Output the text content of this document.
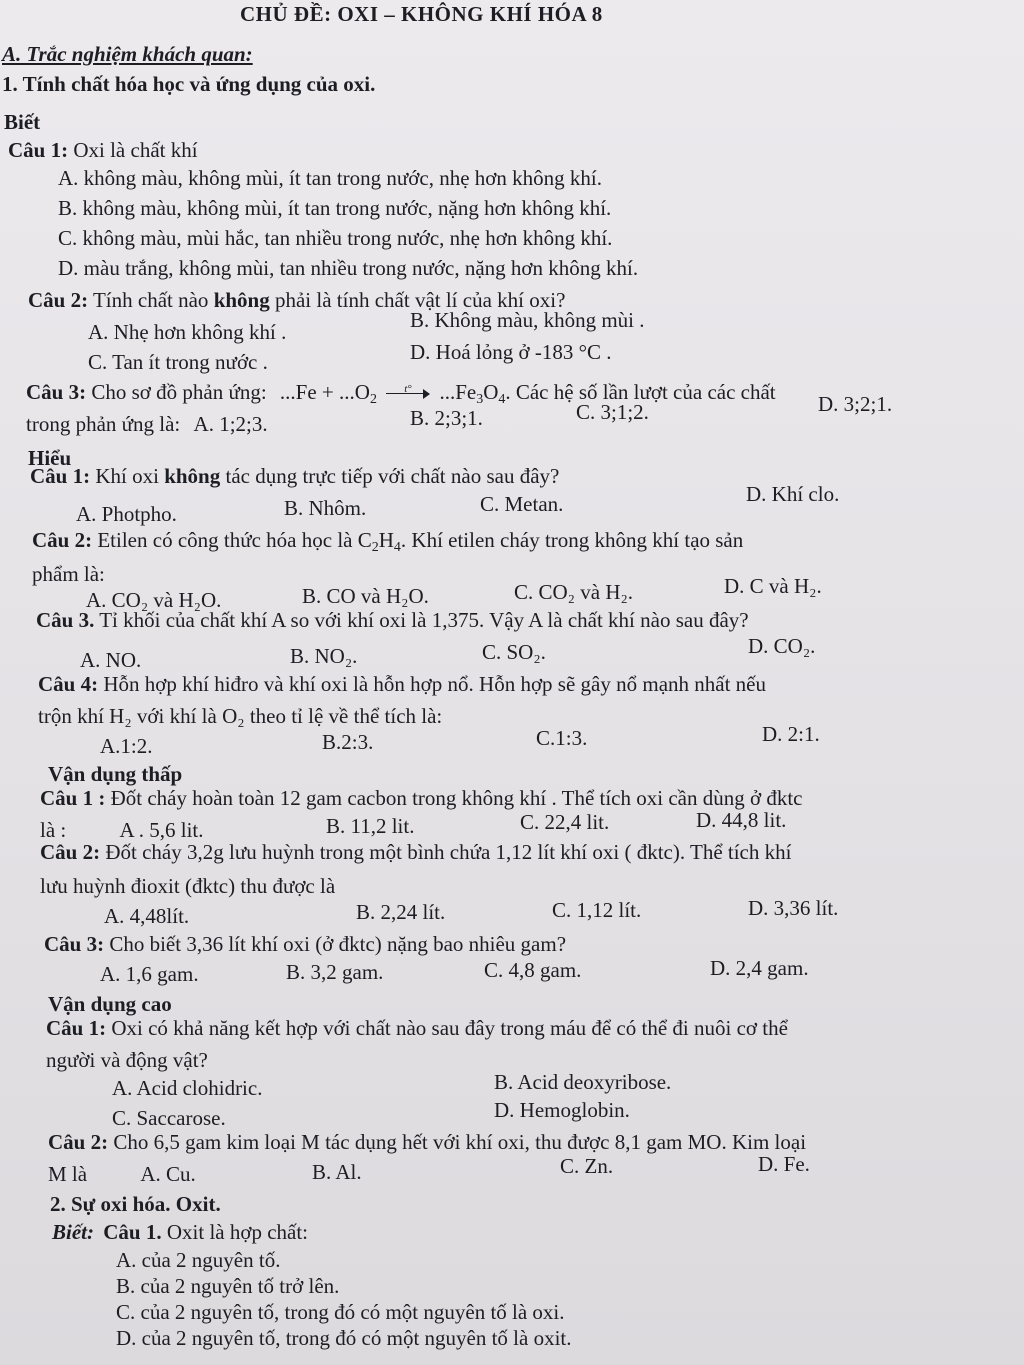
CHỦ ĐỀ: OXI – KHÔNG KHÍ HÓA 8
A. Trắc nghiệm khách quan:
1. Tính chất hóa học và ứng dụng của oxi.
Biết
Câu 1: Oxi là chất khí
A. không màu, không mùi, ít tan trong nước, nhẹ hơn không khí.
B. không màu, không mùi, ít tan trong nước, nặng hơn không khí.
C. không màu, mùi hắc, tan nhiều trong nước, nhẹ hơn không khí.
D. màu trắng, không mùi, tan nhiều trong nước, nặng hơn không khí.
Câu 2: Tính chất nào không phải là tính chất vật lí của khí oxi?
A. Nhẹ hơn không khí .	B. Không màu, không mùi .
C. Tan ít trong nước .	D. Hoá lỏng ở -183 °C .
Câu 3: Cho sơ đồ phản ứng: $...Fe + ...O_2$
t° $...Fe_3O_4$. Các hệ số lần lượt của các chất
trong phản ứng là: A. 1;2;3.	B. 2;3;1.	C. 3;1;2.	D. 3;2;1.
Hiểu
Câu 1: Khí oxi không tác dụng trực tiếp với chất nào sau đây?
A. Photpho.	B. Nhôm.	C. Metan.	D. Khí clo.
Câu 2: Etilen có công thức hóa học là $C_2H_4$. Khí etilen cháy trong không khí tạo sản
phẩm là:
A. CO₂ và H₂O.	B. CO và H₂O.	C. CO₂ và H₂.	D. C và H₂.
Câu 3. Tỉ khối của chất khí A so với khí oxi là 1,375. Vậy A là chất khí nào sau đây?
A. NO.	B. NO₂.	C. SO₂.	D. CO₂.
Câu 4: Hỗn hợp khí hiđro và khí oxi là hỗn hợp nổ. Hỗn hợp sẽ gây nổ mạnh nhất nếu
trộn khí H₂ với khí là O₂ theo tỉ lệ về thể tích là:
A.1:2.	B.2:3.	C.1:3.	D. 2:1.
Vận dụng thấp
Câu 1 : Đốt cháy hoàn toàn 12 gam cacbon trong không khí . Thể tích oxi cần dùng ở đktc
là :	A . 5,6 lit.	B. 11,2 lit.	C. 22,4 lit.	D. 44,8 lit.
Câu 2: Đốt cháy 3,2g lưu huỳnh trong một bình chứa 1,12 lít khí oxi ( đktc). Thể tích khí
lưu huỳnh đioxit (đktc) thu được là
A. 4,48lít.	B. 2,24 lít.	C. 1,12 lít.	D. 3,36 lít.
Câu 3: Cho biết 3,36 lít khí oxi (ở đktc) nặng bao nhiêu gam?
A. 1,6 gam.	B. 3,2 gam.	C. 4,8 gam.	D. 2,4 gam.
Vận dụng cao
Câu 1: Oxi có khả năng kết hợp với chất nào sau đây trong máu để có thể đi nuôi cơ thể
người và động vật?
A. Acid clohidric.	B. Acid deoxyribose.
C. Saccarose.	D. Hemoglobin.
Câu 2: Cho 6,5 gam kim loại M tác dụng hết với khí oxi, thu được 8,1 gam MO. Kim loại
M là	A. Cu.	B. Al.	C. Zn.	D. Fe.
2. Sự oxi hóa. Oxit.
Biết: Câu 1. Oxit là hợp chất:
A. của 2 nguyên tố.
B. của 2 nguyên tố trở lên.
C. của 2 nguyên tố, trong đó có một nguyên tố là oxi.
D. của 2 nguyên tố, trong đó có một nguyên tố là oxit.
